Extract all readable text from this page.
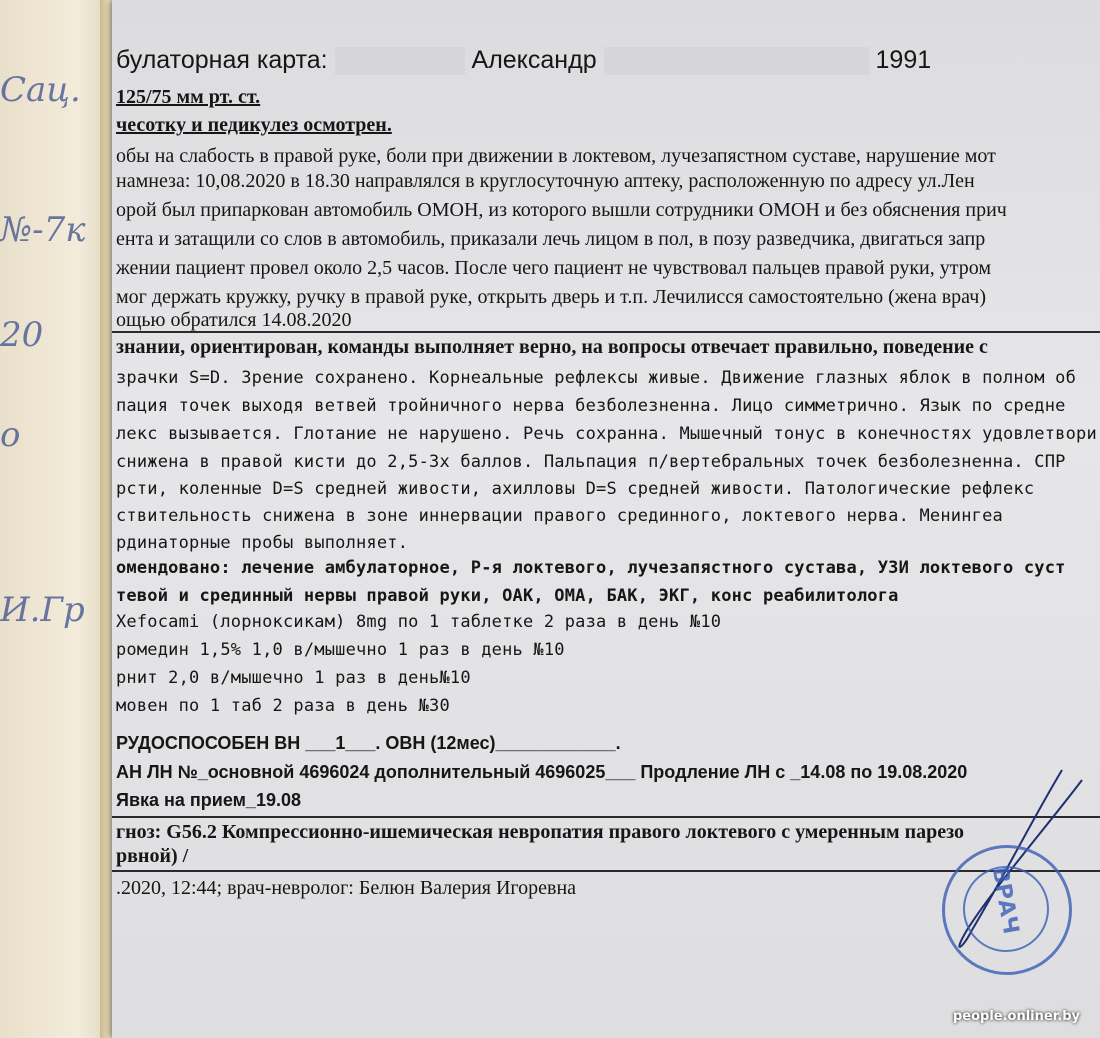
Сац.
№-7к
20
о
И.Гр
булаторная карта:	Александр	1991
125/75 мм рт. ст.
чесотку и педикулез осмотрен.
обы на слабость в правой руке, боли при движении в локтевом, лучезапястном суставе, нарушение мот
намнеза: 10,08.2020 в 18.30 направлялся в круглосуточную аптеку, расположенную по адресу ул.Лен
орой был припаркован автомобиль ОМОН, из которого вышли сотрудники ОМОН и без обяснения прич
ента и затащили со слов в автомобиль, приказали лечь лицом в пол, в позу разведчика, двигаться запр
жении пациент провел около 2,5 часов. После чего пациент не чувствовал пальцев правой руки, утром
мог держать кружку, ручку в правой руке, открыть дверь и т.п. Лечилисся самостоятельно (жена врач)
ощью обратился 14.08.2020
знании, ориентирован, команды выполняет верно, на вопросы отвечает правильно, поведение с
зрачки S=D. Зрение сохранено. Корнеальные рефлексы живые. Движение глазных яблок в полном об
пация точек выходя ветвей тройничного нерва безболезненна. Лицо симметрично. Язык по средне
лекс вызывается. Глотание не нарушено. Речь сохранна. Мышечный тонус в конечностях удовлетвори
снижена в правой кисти до 2,5-3х баллов. Пальпация п/вертебральных точек безболезненна. СПР
рсти, коленные D=S средней живости, ахилловы D=S средней живости. Патологические рефлекс
ствительность снижена в зоне иннервации правого срединного, локтевого нерва. Менингеа
рдинаторные пробы выполняет.
омендовано: лечение амбулаторное, Р-я локтевого, лучезапястного сустава, УЗИ локтевого суст
тевой и срединный нервы правой руки, ОАК, ОМА, БАК, ЭКГ, конс реабилитолога
Xefocami (лорноксикам) 8mg по 1 таблетке 2 раза в день №10
ромедин 1,5% 1,0 в/мышечно 1 раз в день №10
рнит 2,0 в/мышечно 1 раз в день№10
мовен по 1 таб 2 раза в день №30
РУДОСПОСОБЕН ВН ___1___. ОВН (12мес)____________.
АН ЛН №_основной 4696024 дополнительный 4696025___ Продление ЛН с _14.08 по 19.08.2020
Явка на прием_19.08
гноз: G56.2 Компрессионно-ишемическая невропатия правого локтевого с умеренным парезо
рвной) /
.2020, 12:44; врач-невролог: Белюн Валерия Игоревна	ВРАЧ
people.onliner.by
